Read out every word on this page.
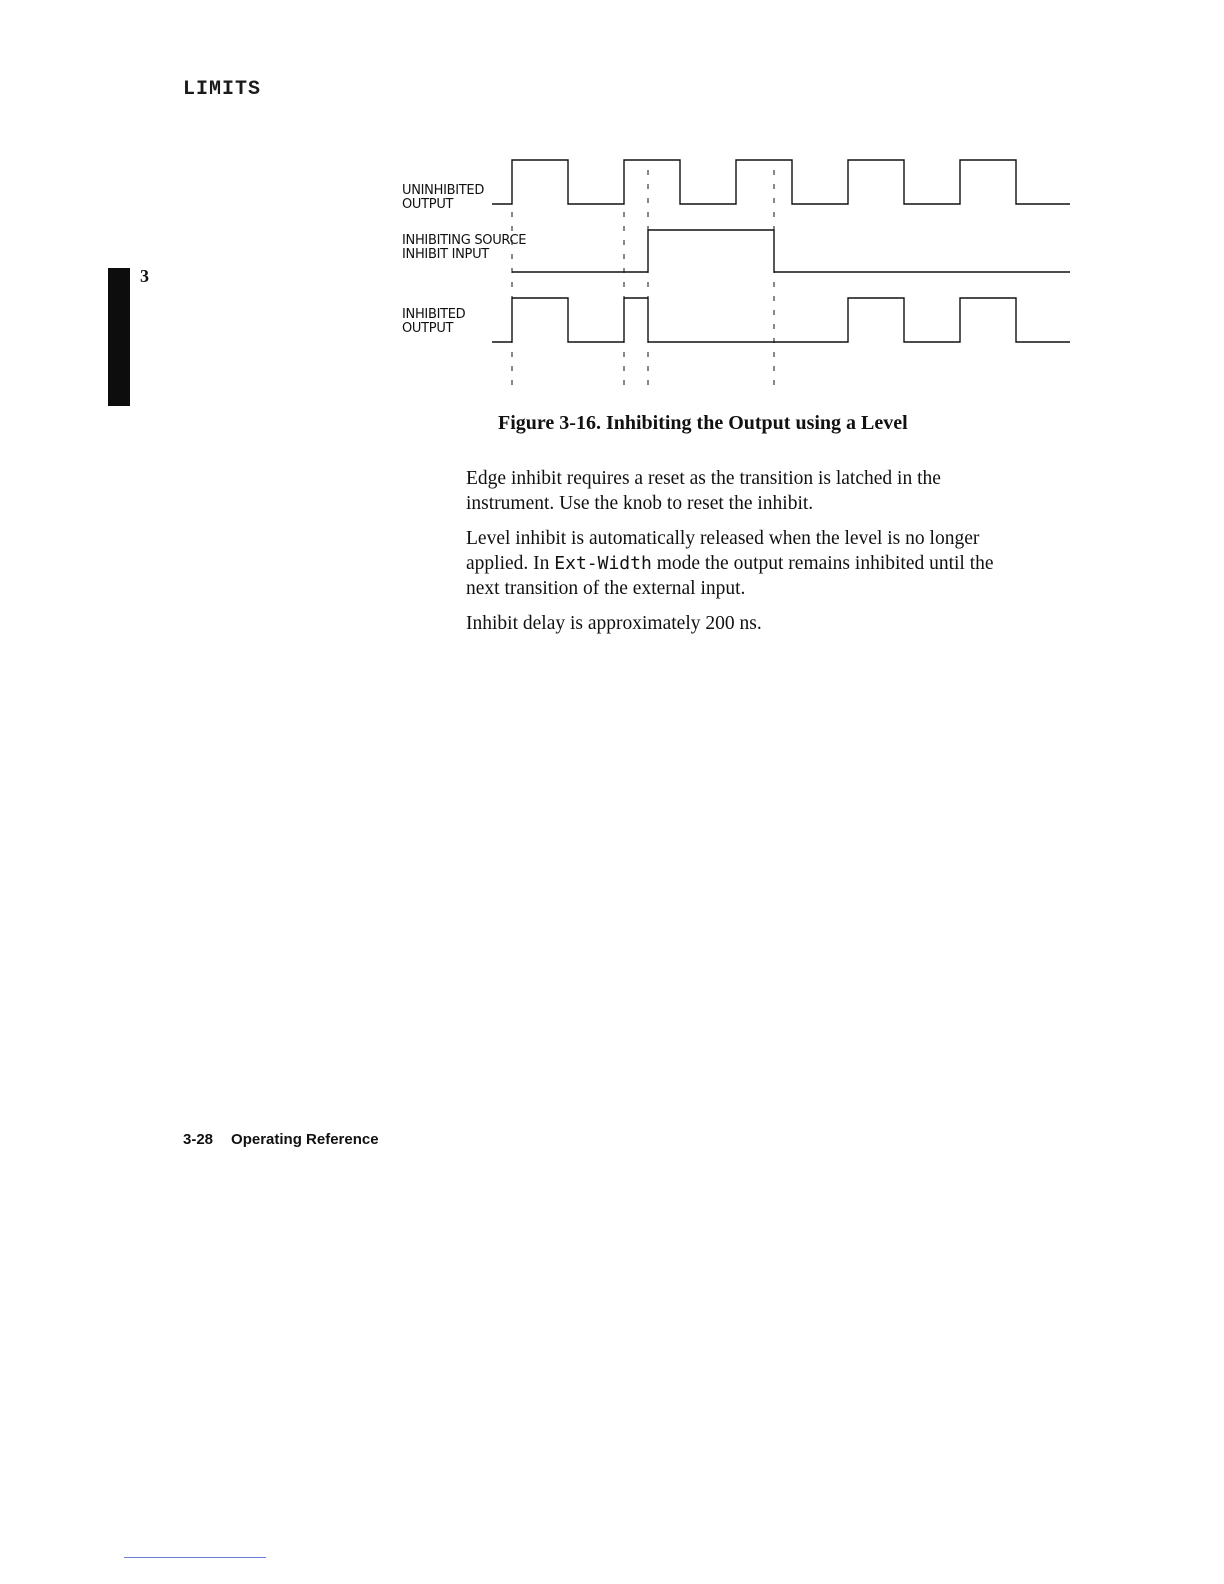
LIMITS
3
UNINHIBITED
OUTPUT
INHIBITING SOURCE
INHIBIT INPUT
INHIBITED
OUTPUT
Figure 3-16. Inhibiting the Output using a Level

Edge inhibit requires a reset as the transition is latched in the instrument. Use the knob to reset the inhibit.

Level inhibit is automatically released when the level is no longer applied. In Ext-Width mode the output remains inhibited until the next transition of the external input.

Inhibit delay is approximately 200 ns.

3-28 Operating Reference
